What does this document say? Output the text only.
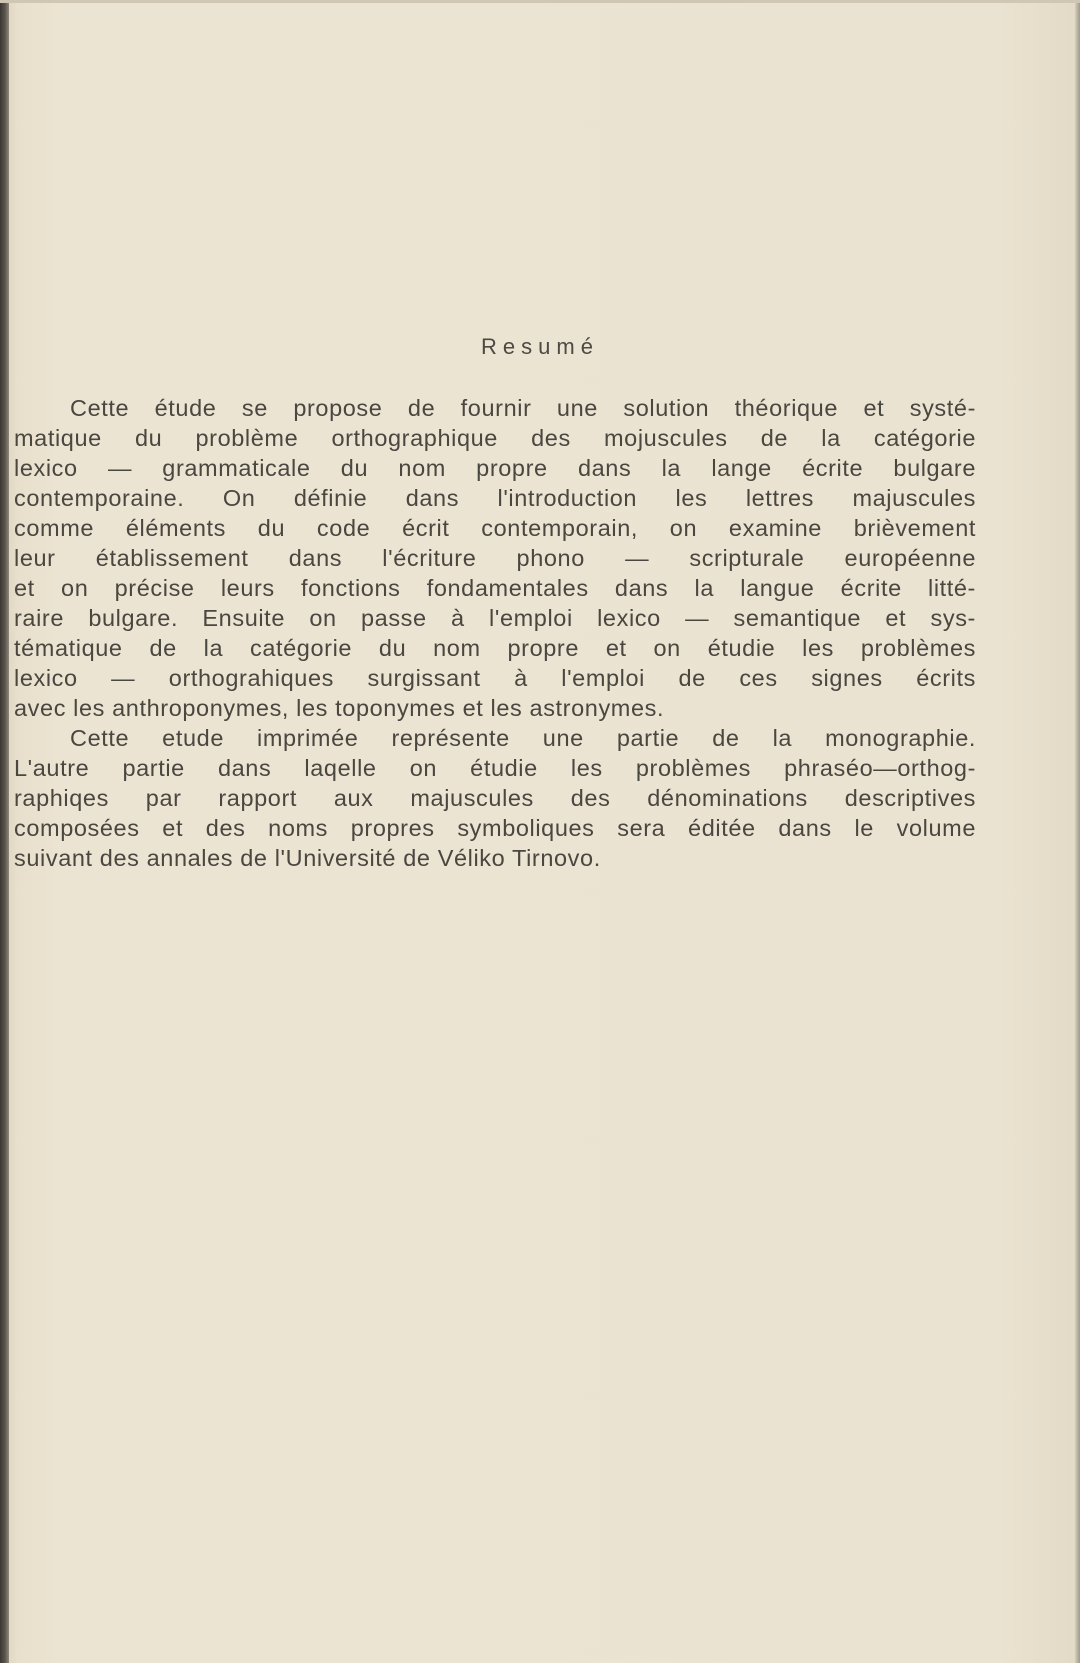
Resumé
Cette étude se propose de fournir une solution théorique et systé-
matique du problème orthographique des mojuscules de la catégorie
lexico — grammaticale du nom propre dans la lange écrite bulgare
contemporaine. On définie dans l'introduction les lettres majuscules
comme éléments du code écrit contemporain, on examine brièvement
leur établissement dans l'écriture phono — scripturale européenne
et on précise leurs fonctions fondamentales dans la langue écrite litté-
raire bulgare. Ensuite on passe à l'emploi lexico — semantique et sys-
tématique de la catégorie du nom propre et on étudie les problèmes
lexico — orthograhiques surgissant à l'emploi de ces signes écrits
avec les anthroponymes, les toponymes et les astronymes.
Cette etude imprimée représente une partie de la monographie.
L'autre partie dans laqelle on étudie les problèmes phraséo—orthog-
raphiqes par rapport aux majuscules des dénominations descriptives
composées et des noms propres symboliques sera éditée dans le volume
suivant des annales de l'Université de Véliko Tirnovo.
